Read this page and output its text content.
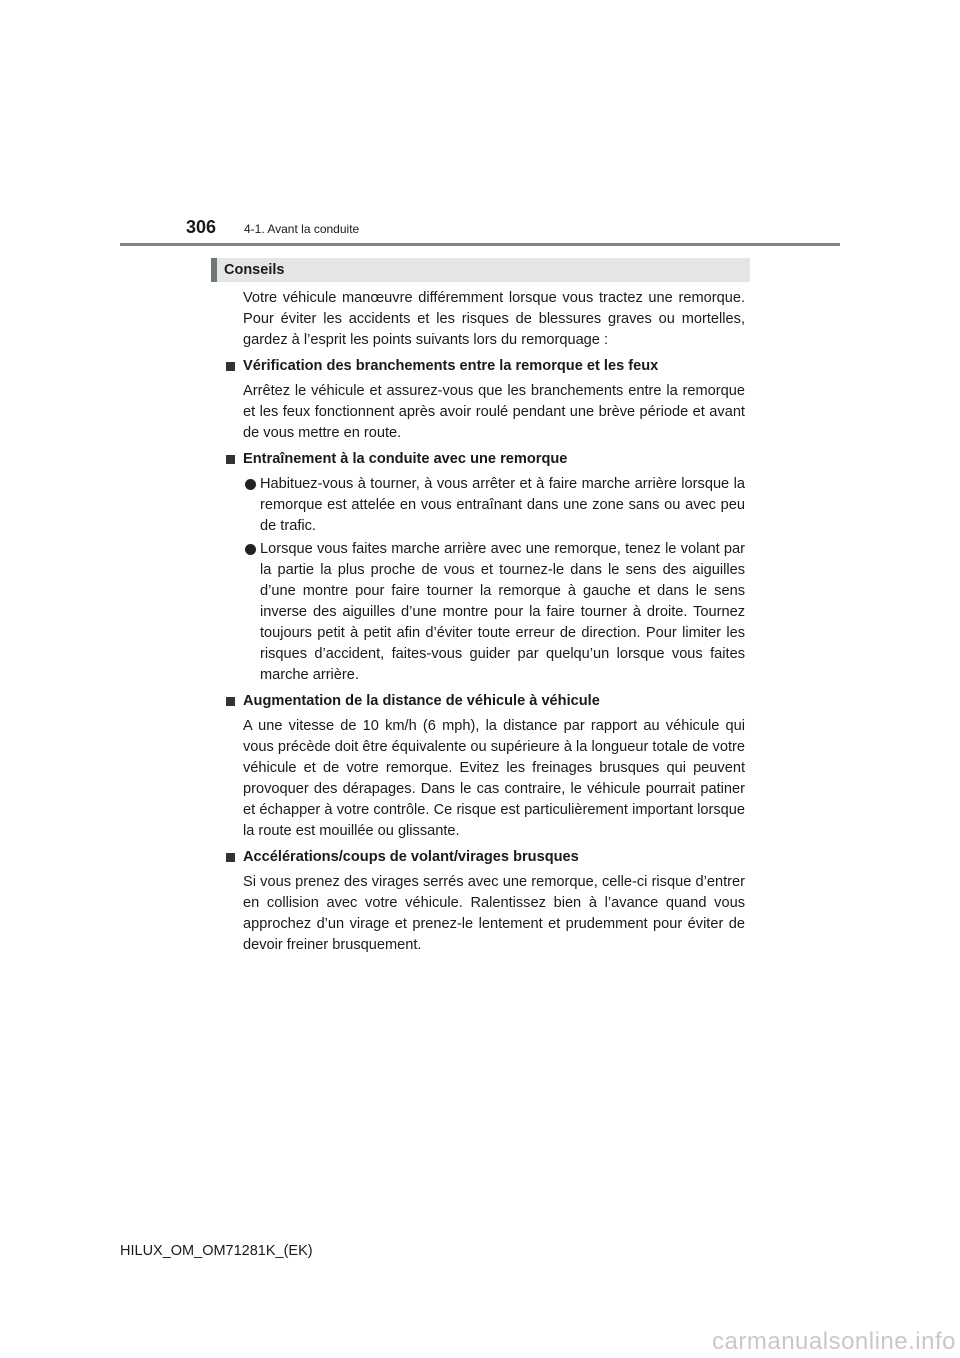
306 4-1. Avant la conduite
Conseils

Votre véhicule manœuvre différemment lorsque vous tractez une remorque. Pour éviter les accidents et les risques de blessures graves ou mortelles, gardez à l’esprit les points suivants lors du remorquage :

Vérification des branchements entre la remorque et les feux

Arrêtez le véhicule et assurez-vous que les branchements entre la remorque et les feux fonctionnent après avoir roulé pendant une brève période et avant de vous mettre en route.

Entraînement à la conduite avec une remorque
Habituez-vous à tourner, à vous arrêter et à faire marche arrière lorsque la remorque est attelée en vous entraînant dans une zone sans ou avec peu de trafic.
Lorsque vous faites marche arrière avec une remorque, tenez le volant par la partie la plus proche de vous et tournez-le dans le sens des aiguilles d’une montre pour faire tourner la remorque à gauche et dans le sens inverse des aiguilles d’une montre pour la faire tourner à droite. Tournez toujours petit à petit afin d’éviter toute erreur de direction. Pour limiter les risques d’accident, faites-vous guider par quelqu’un lorsque vous faites marche arrière.
Augmentation de la distance de véhicule à véhicule

A une vitesse de 10 km/h (6 mph), la distance par rapport au véhicule qui vous précède doit être équivalente ou supérieure à la longueur totale de votre véhicule et de votre remorque. Evitez les freinages brusques qui peuvent provoquer des dérapages. Dans le cas contraire, le véhicule pourrait patiner et échapper à votre contrôle. Ce risque est particulièrement important lorsque la route est mouillée ou glissante.

Accélérations/coups de volant/virages brusques

Si vous prenez des virages serrés avec une remorque, celle-ci risque d’entrer en collision avec votre véhicule. Ralentissez bien à l’avance quand vous approchez d’un virage et prenez-le lentement et prudemment pour éviter de devoir freiner brusquement.

HILUX_OM_OM71281K_(EK)
carmanualsonline.info
